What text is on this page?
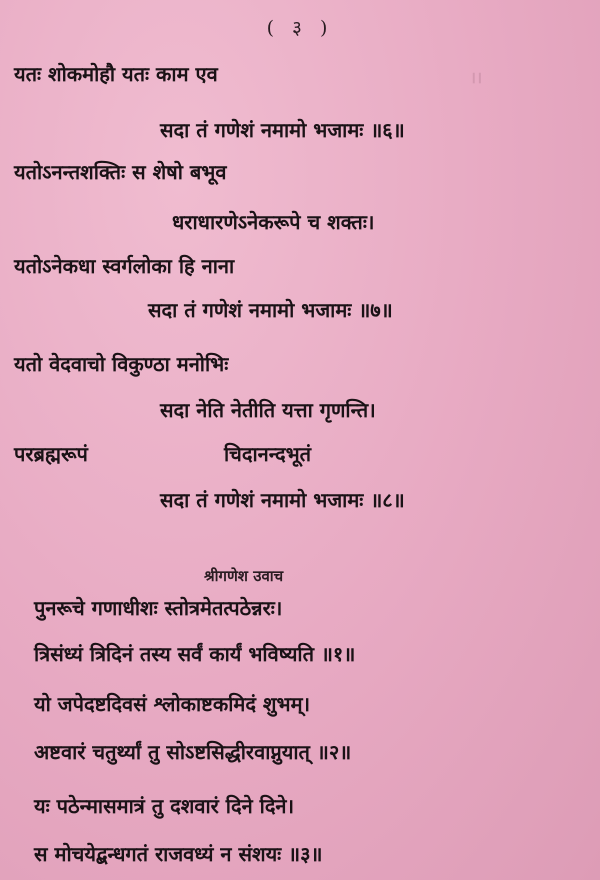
।।
( ३ )
यतः शोकमोहौ यतः काम एव
सदा तं गणेशं नमामो भजामः ॥६॥
यतोऽनन्तशक्तिः स शेषो बभूव
धराधारणेऽनेकरूपे च शक्तः।
यतोऽनेकधा स्वर्गलोका हि नाना
सदा तं गणेशं नमामो भजामः ॥७॥
यतो वेदवाचो विकुण्ठा मनोभिः
सदा नेति नेतीति यत्ता गृणन्ति।
परब्रह्मरूपं	चिदानन्दभूतं
सदा तं गणेशं नमामो भजामः ॥८॥
श्रीगणेश उवाच
पुनरूचे गणाधीशः स्तोत्रमेतत्पठेन्नरः।
त्रिसंध्यं त्रिदिनं तस्य सर्वं कार्यं भविष्यति ॥१॥
यो जपेदष्टदिवसं श्लोकाष्टकमिदं शुभम्।
अष्टवारं चतुर्थ्यां तु सोऽष्टसिद्धीरवाप्नुयात् ॥२॥
यः पठेन्मासमात्रं तु दशवारं दिने दिने।
स मोचयेद्बन्धगतं राजवध्यं न संशयः ॥३॥
